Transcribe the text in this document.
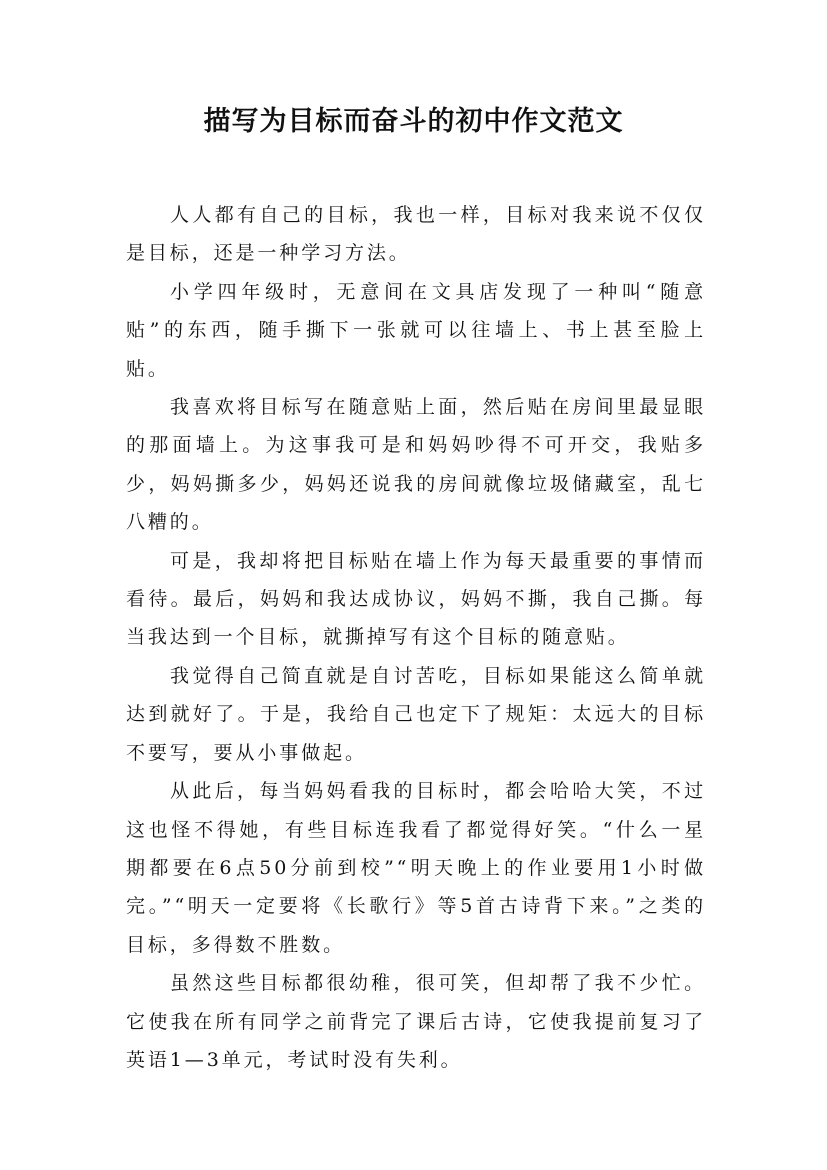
描写为目标而奋斗的初中作文范文

人人都有自己的目标，我也一样，目标对我来说不仅仅是目标，还是一种学习方法。

小学四年级时，无意间在文具店发现了一种叫“随意贴”的东西，随手撕下一张就可以往墙上、书上甚至脸上贴。

我喜欢将目标写在随意贴上面，然后贴在房间里最显眼的那面墙上。为这事我可是和妈妈吵得不可开交，我贴多少，妈妈撕多少，妈妈还说我的房间就像垃圾储藏室，乱七八糟的。

可是，我却将把目标贴在墙上作为每天最重要的事情而看待。最后，妈妈和我达成协议，妈妈不撕，我自己撕。每当我达到一个目标，就撕掉写有这个目标的随意贴。

我觉得自己简直就是自讨苦吃，目标如果能这么简单就达到就好了。于是，我给自己也定下了规矩：太远大的目标不要写，要从小事做起。

从此后，每当妈妈看我的目标时，都会哈哈大笑，不过这也怪不得她，有些目标连我看了都觉得好笑。“什么一星期都要在6点50分前到校”“明天晚上的作业要用1小时做完。”“明天一定要将《长歌行》等5首古诗背下来。”之类的目标，多得数不胜数。

虽然这些目标都很幼稚，很可笑，但却帮了我不少忙。它使我在所有同学之前背完了课后古诗，它使我提前复习了英语1—3单元，考试时没有失利。
